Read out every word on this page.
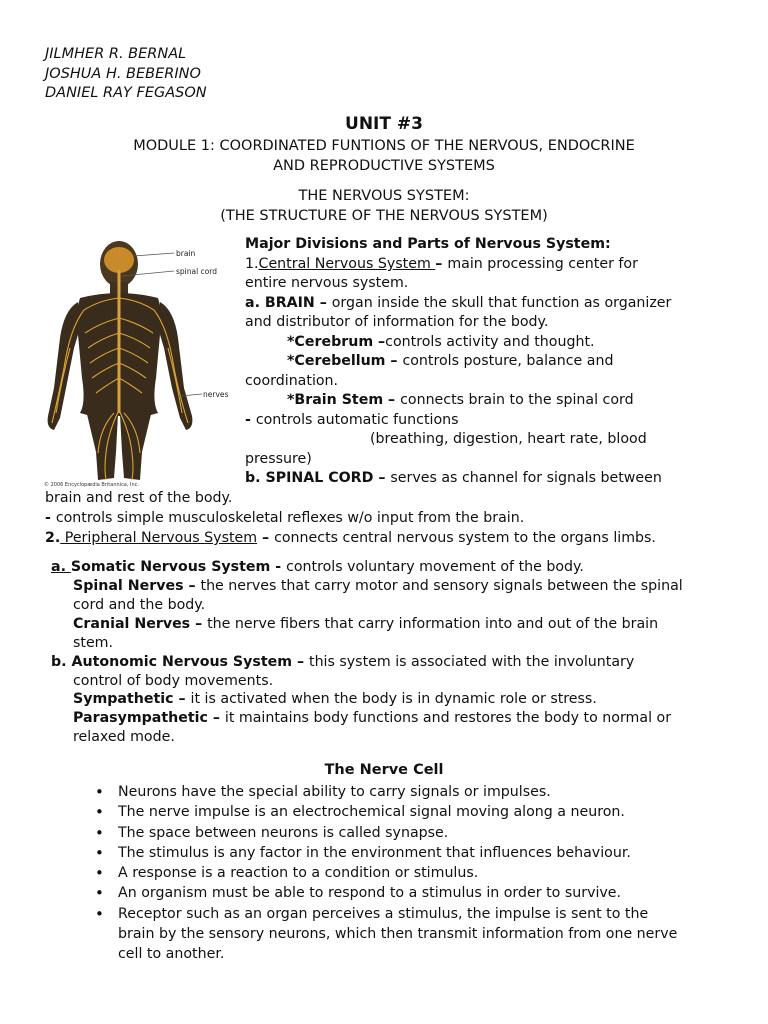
JILMHER R. BERNAL
JOSHUA H. BEBERINO
DANIEL RAY FEGASON
UNIT #3
MODULE 1: COORDINATED FUNTIONS OF THE NERVOUS, ENDOCRINE
AND REPRODUCTIVE SYSTEMS
THE NERVOUS SYSTEM:
(THE STRUCTURE OF THE NERVOUS SYSTEM)
brain
spinal cord
nerves
© 2006 Encyclopædia Britannica, Inc.
Major Divisions and Parts of Nervous System:
1.Central Nervous System – main processing center for
entire nervous system.
a. BRAIN – organ inside the skull that function as organizer
and distributor of information for the body.
*Cerebrum –controls activity and thought.
*Cerebellum – controls posture, balance and
coordination.
*Brain Stem – connects brain to the spinal cord
- controls automatic functions
(breathing, digestion, heart rate, blood
pressure)
b. SPINAL CORD – serves as channel for signals between
brain and rest of the body.
- controls simple musculoskeletal reflexes w/o input from the brain.
2. Peripheral Nervous System – connects central nervous system to the organs limbs.
a. Somatic Nervous System - controls voluntary movement of the body.
Spinal Nerves – the nerves that carry motor and sensory signals between the spinal
cord and the body.
Cranial Nerves – the nerve fibers that carry information into and out of the brain
stem.
b. Autonomic Nervous System – this system is associated with the involuntary
control of body movements.
Sympathetic – it is activated when the body is in dynamic role or stress.
Parasympathetic – it maintains body functions and restores the body to normal or
relaxed mode.
The Nerve Cell
• Neurons have the special ability to carry signals or impulses.
• The nerve impulse is an electrochemical signal moving along a neuron.
• The space between neurons is called synapse.
• The stimulus is any factor in the environment that influences behaviour.
• A response is a reaction to a condition or stimulus.
• An organism must be able to respond to a stimulus in order to survive.
• Receptor such as an organ perceives a stimulus, the impulse is sent to the
brain by the sensory neurons, which then transmit information from one nerve
cell to another.
